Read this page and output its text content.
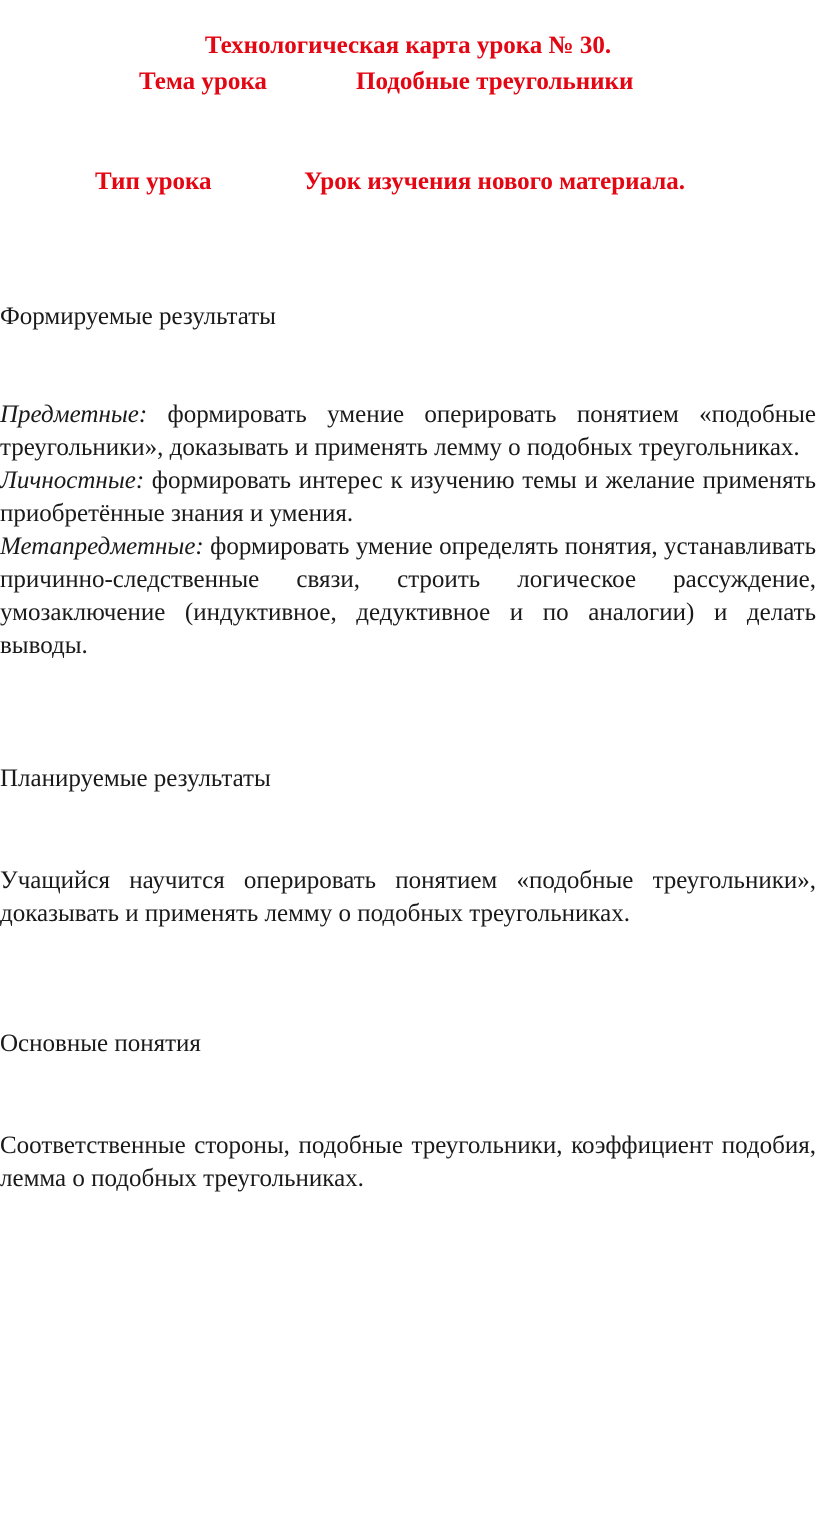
Технологическая карта урока № 30.
Тема урока	Подобные треугольники
Тип урока	Урок изучения нового материала.
Формируемые результаты

Предметные: формировать умение оперировать понятием «подобные треугольники», доказывать и применять лемму о подобных треугольниках.

Личностные: формировать интерес к изучению темы и желание применять приобретённые знания и умения.

Метапредметные: формировать умение определять понятия, устанавливать причинно-следственные связи, строить логическое рассуждение, умозаключение (индуктивное, дедуктивное и по аналогии) и делать выводы.

Планируемые результаты
Учащийся научится оперировать понятием «подобные треугольники», доказывать и применять лемму о подобных треугольниках.
Основные понятия
Соответственные стороны, подобные треугольники, коэффициент подобия, лемма о подобных треугольниках.
